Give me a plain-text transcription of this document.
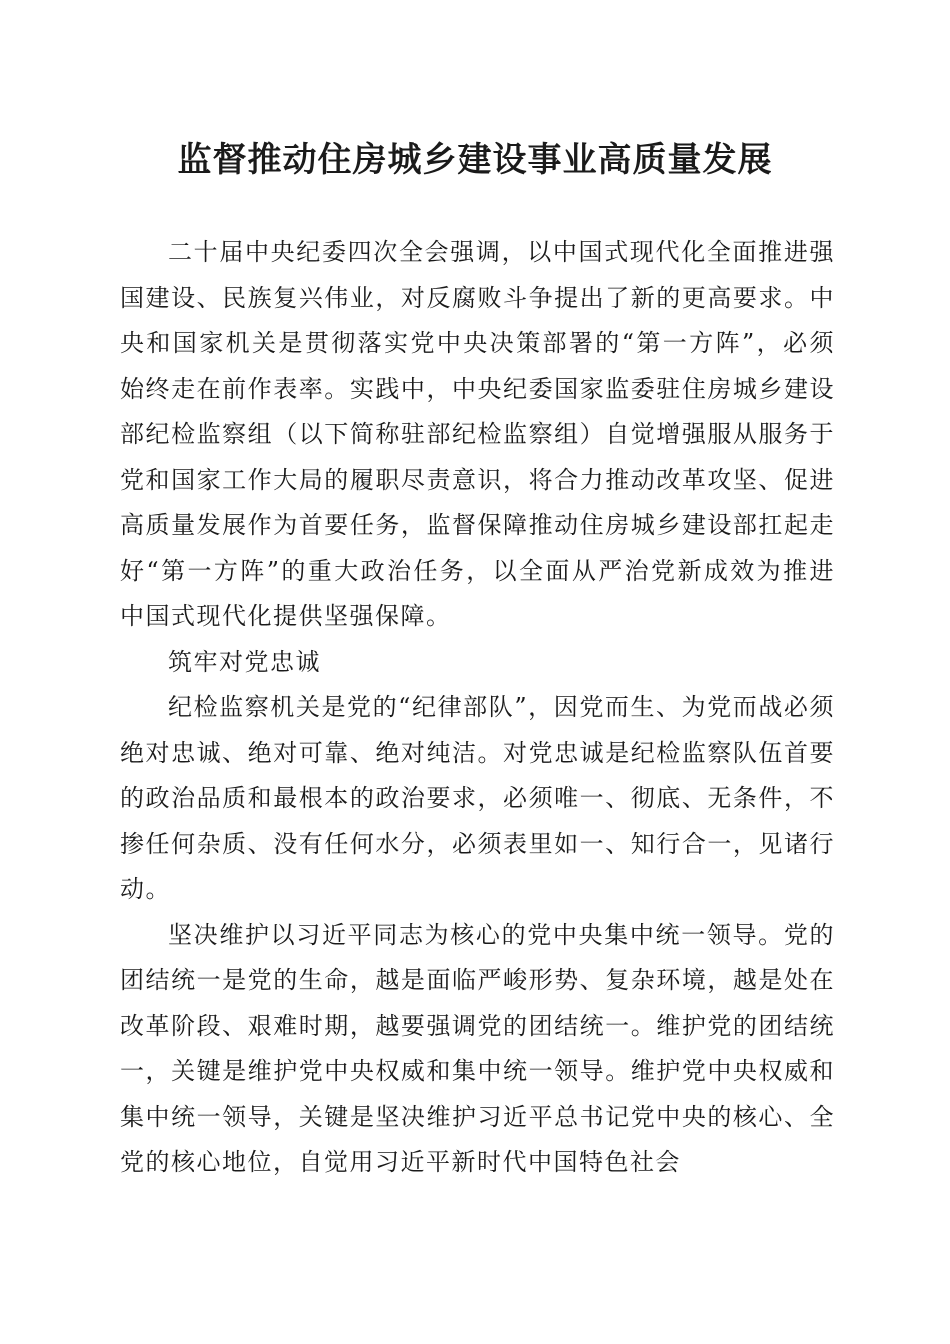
监督推动住房城乡建设事业高质量发展

二十届中央纪委四次全会强调，以中国式现代化全面推进强国建设、民族复兴伟业，对反腐败斗争提出了新的更高要求。中央和国家机关是贯彻落实党中央决策部署的“第一方阵”，必须始终走在前作表率。实践中，中央纪委国家监委驻住房城乡建设部纪检监察组（以下简称驻部纪检监察组）自觉增强服从服务于党和国家工作大局的履职尽责意识，将合力推动改革攻坚、促进高质量发展作为首要任务，监督保障推动住房城乡建设部扛起走好“第一方阵”的重大政治任务，以全面从严治党新成效为推进中国式现代化提供坚强保障。

筑牢对党忠诚

纪检监察机关是党的“纪律部队”，因党而生、为党而战必须绝对忠诚、绝对可靠、绝对纯洁。对党忠诚是纪检监察队伍首要的政治品质和最根本的政治要求，必须唯一、彻底、无条件，不掺任何杂质、没有任何水分，必须表里如一、知行合一，见诸行动。

坚决维护以习近平同志为核心的党中央集中统一领导。党的团结统一是党的生命，越是面临严峻形势、复杂环境，越是处在改革阶段、艰难时期，越要强调党的团结统一。维护党的团结统一，关键是维护党中央权威和集中统一领导。维护党中央权威和集中统一领导，关键是坚决维护习近平总书记党中央的核心、全党的核心地位，自觉用习近平新时代中国特色社会
